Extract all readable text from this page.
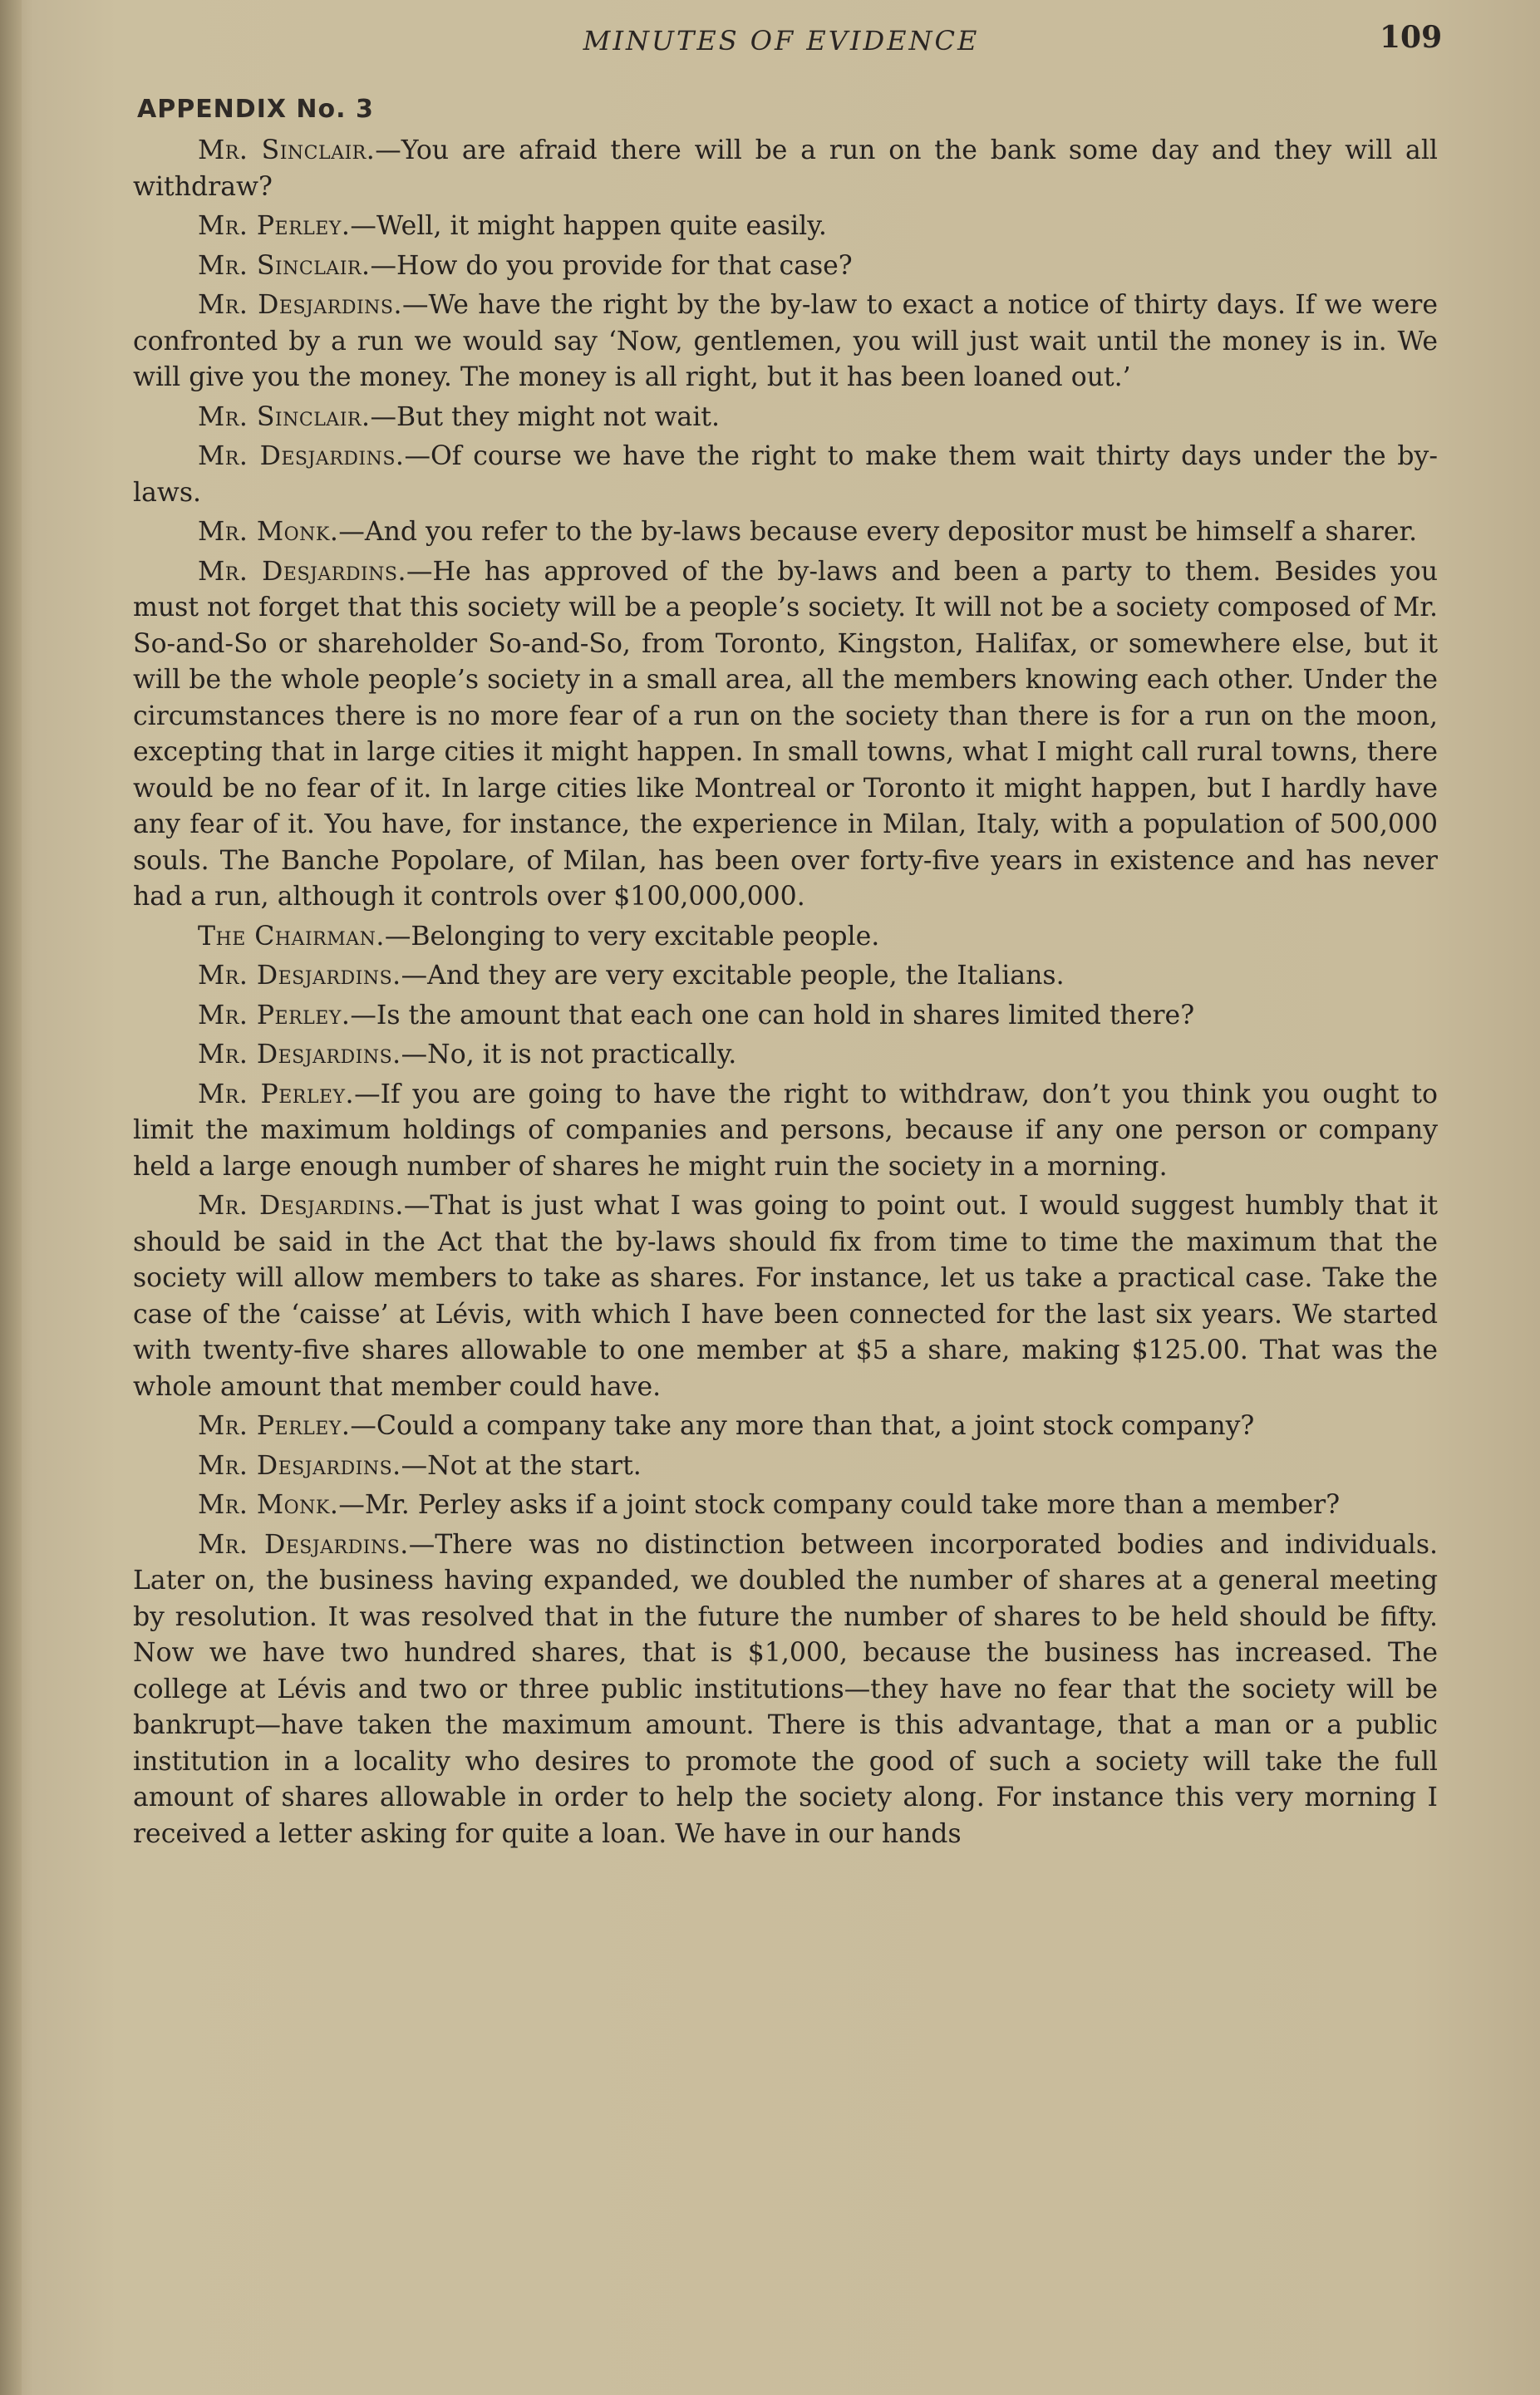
MINUTES OF EVIDENCE	109
APPENDIX No. 3

Mr. Sinclair.—You are afraid there will be a run on the bank some day and they will all withdraw?

Mr. Perley.—Well, it might happen quite easily.

Mr. Sinclair.—How do you provide for that case?

Mr. Desjardins.—We have the right by the by-law to exact a notice of thirty days. If we were confronted by a run we would say ‘Now, gentlemen, you will just wait until the money is in. We will give you the money. The money is all right, but it has been loaned out.’

Mr. Sinclair.—But they might not wait.

Mr. Desjardins.—Of course we have the right to make them wait thirty days under the by-laws.

Mr. Monk.—And you refer to the by-laws because every depositor must be himself a sharer.

Mr. Desjardins.—He has approved of the by-laws and been a party to them. Besides you must not forget that this society will be a people’s society. It will not be a society composed of Mr. So-and-So or shareholder So-and-So, from Toronto, Kingston, Halifax, or somewhere else, but it will be the whole people’s society in a small area, all the members knowing each other. Under the circumstances there is no more fear of a run on the society than there is for a run on the moon, excepting that in large cities it might happen. In small towns, what I might call rural towns, there would be no fear of it. In large cities like Montreal or Toronto it might happen, but I hardly have any fear of it. You have, for instance, the experience in Milan, Italy, with a population of 500,000 souls. The Banche Popolare, of Milan, has been over forty-five years in existence and has never had a run, although it controls over $100,000,000.

The Chairman.—Belonging to very excitable people.

Mr. Desjardins.—And they are very excitable people, the Italians.

Mr. Perley.—Is the amount that each one can hold in shares limited there?

Mr. Desjardins.—No, it is not practically.

Mr. Perley.—If you are going to have the right to withdraw, don’t you think you ought to limit the maximum holdings of companies and persons, because if any one person or company held a large enough number of shares he might ruin the society in a morning.

Mr. Desjardins.—That is just what I was going to point out. I would suggest humbly that it should be said in the Act that the by-laws should fix from time to time the maximum that the society will allow members to take as shares. For instance, let us take a practical case. Take the case of the ‘caisse’ at Lévis, with which I have been connected for the last six years. We started with twenty-five shares allowable to one member at $5 a share, making $125.00. That was the whole amount that member could have.

Mr. Perley.—Could a company take any more than that, a joint stock company?

Mr. Desjardins.—Not at the start.

Mr. Monk.—Mr. Perley asks if a joint stock company could take more than a member?

Mr. Desjardins.—There was no distinction between incorporated bodies and individuals. Later on, the business having expanded, we doubled the number of shares at a general meeting by resolution. It was resolved that in the future the number of shares to be held should be fifty. Now we have two hundred shares, that is $1,000, because the business has increased. The college at Lévis and two or three public institutions—they have no fear that the society will be bankrupt—have taken the maximum amount. There is this advantage, that a man or a public institution in a locality who desires to promote the good of such a society will take the full amount of shares allowable in order to help the society along. For instance this very morning I received a letter asking for quite a loan. We have in our hands
